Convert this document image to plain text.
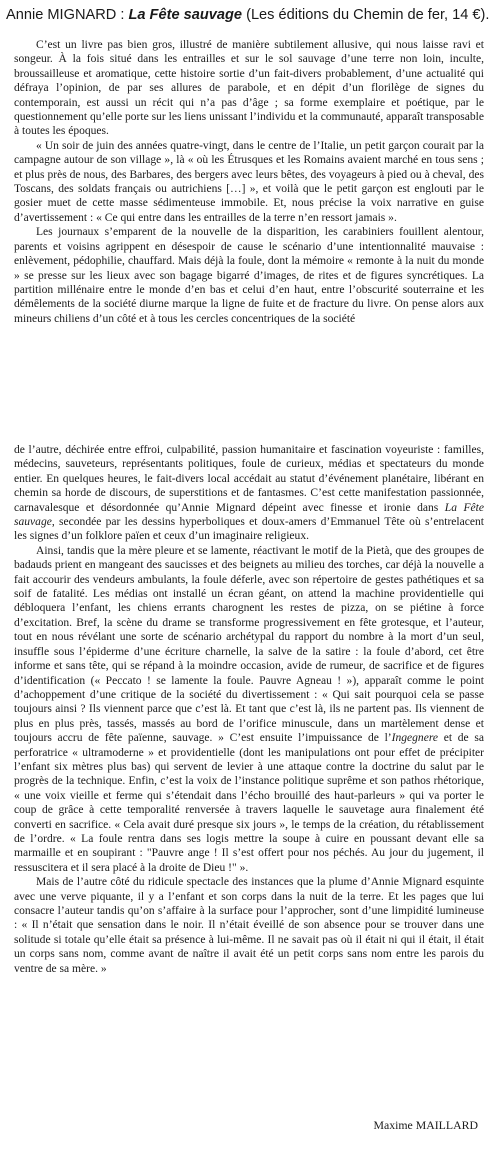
Annie MIGNARD : La Fête sauvage (Les éditions du Chemin de fer, 14 €).

C’est un livre pas bien gros, illustré de manière subtilement allusive, qui nous laisse ravi et songeur. À la fois situé dans les entrailles et sur le sol sauvage d’une terre non loin, inculte, broussailleuse et aromatique, cette histoire sortie d’un fait-divers probablement, d’une actualité qui défraya l’opinion, de par ses allures de parabole, et en dépit d’un florilège de signes du contemporain, est aussi un récit qui n’a pas d’âge ; sa forme exemplaire et poétique, par le questionnement qu’elle porte sur les liens unissant l’individu et la communauté, apparaît transposable à toutes les époques.

« Un soir de juin des années quatre-vingt, dans le centre de l’Italie, un petit garçon courait par la campagne autour de son village », là « où les Étrusques et les Romains avaient marché en tous sens ; et plus près de nous, des Barbares, des bergers avec leurs bêtes, des voyageurs à pied ou à cheval, des Toscans, des soldats français ou autrichiens […] », et voilà que le petit garçon est englouti par le gosier muet de cette masse sédimenteuse immobile. Et, nous précise la voix narrative en guise d’avertissement : « Ce qui entre dans les entrailles de la terre n’en ressort jamais ».

Les journaux s’emparent de la nouvelle de la disparition, les carabiniers fouillent alentour, parents et voisins agrippent en désespoir de cause le scénario d’une intentionnalité mauvaise : enlèvement, pédophilie, chauffard. Mais déjà la foule, dont la mémoire « remonte à la nuit du monde » se presse sur les lieux avec son bagage bigarré d’images, de rites et de figures syncrétiques. La partition millénaire entre le monde d’en bas et celui d’en haut, entre l’obscurité souterraine et les démêlements de la société diurne marque la ligne de fuite et de fracture du livre. On pense alors aux mineurs chiliens d’un côté et à tous les cercles concentriques de la société

de l’autre, déchirée entre effroi, culpabilité, passion humanitaire et fascination voyeuriste : familles, médecins, sauveteurs, représentants politiques, foule de curieux, médias et spectateurs du monde entier. En quelques heures, le fait-divers local accédait au statut d’événement planétaire, libérant en chemin sa horde de discours, de superstitions et de fantasmes. C’est cette manifestation passionnée, carnavalesque et désordonnée qu’Annie Mignard dépeint avec finesse et ironie dans La Fête sauvage, secondée par les dessins hyperboliques et doux-amers d’Emmanuel Tête où s’entrelacent les signes d’un folklore païen et ceux d’un imaginaire religieux.

Ainsi, tandis que la mère pleure et se lamente, réactivant le motif de la Pietà, que des groupes de badauds prient en mangeant des saucisses et des beignets au milieu des torches, car déjà la nouvelle a fait accourir des vendeurs ambulants, la foule déferle, avec son répertoire de gestes pathétiques et sa soif de fatalité. Les médias ont installé un écran géant, on attend la machine providentielle qui débloquera l’enfant, les chiens errants charognent les restes de pizza, on se piétine à force d’excitation. Bref, la scène du drame se transforme progressivement en fête grotesque, et l’auteur, tout en nous révélant une sorte de scénario archétypal du rapport du nombre à la mort d’un seul, insuffle sous l’épiderme d’une écriture charnelle, la salve de la satire : la foule d’abord, cet être informe et sans tête, qui se répand à la moindre occasion, avide de rumeur, de sacrifice et de figures d’identification (« Peccato ! se lamente la foule. Pauvre Agneau ! »), apparaît comme le point d’achoppement d’une critique de la société du divertissement : « Qui sait pourquoi cela se passe toujours ainsi ? Ils viennent parce que c’est là. Et tant que c’est là, ils ne partent pas. Ils viennent de plus en plus près, tassés, massés au bord de l’orifice minuscule, dans un martèlement dense et toujours accru de fête païenne, sauvage. » C’est ensuite l’impuissance de l’Ingegnere et de sa perforatrice « ultramoderne » et providentielle (dont les manipulations ont pour effet de précipiter l’enfant six mètres plus bas) qui servent de levier à une attaque contre la doctrine du salut par le progrès de la technique. Enfin, c’est la voix de l’instance politique suprême et son pathos rhétorique, « une voix vieille et ferme qui s’étendait dans l’écho brouillé des haut-parleurs » qui va porter le coup de grâce à cette temporalité renversée à travers laquelle le sauvetage aura finalement été converti en sacrifice. « Cela avait duré presque six jours », le temps de la création, du rétablissement de l’ordre. « La foule rentra dans ses logis mettre la soupe à cuire en poussant devant elle sa marmaille et en soupirant : "Pauvre ange ! Il s’est offert pour nos péchés. Au jour du jugement, il ressuscitera et il sera placé à la droite de Dieu !" ».

Mais de l’autre côté du ridicule spectacle des instances que la plume d’Annie Mignard esquinte avec une verve piquante, il y a l’enfant et son corps dans la nuit de la terre. Et les pages que lui consacre l’auteur tandis qu’on s’affaire à la surface pour l’approcher, sont d’une limpidité lumineuse : « Il n’était que sensation dans le noir. Il n’était éveillé de son absence pour se trouver dans une solitude si totale qu’elle était sa présence à lui-même. Il ne savait pas où il était ni qui il était, il était un corps sans nom, comme avant de naître il avait été un petit corps sans nom entre les parois du ventre de sa mère. »

Maxime MAILLARD
